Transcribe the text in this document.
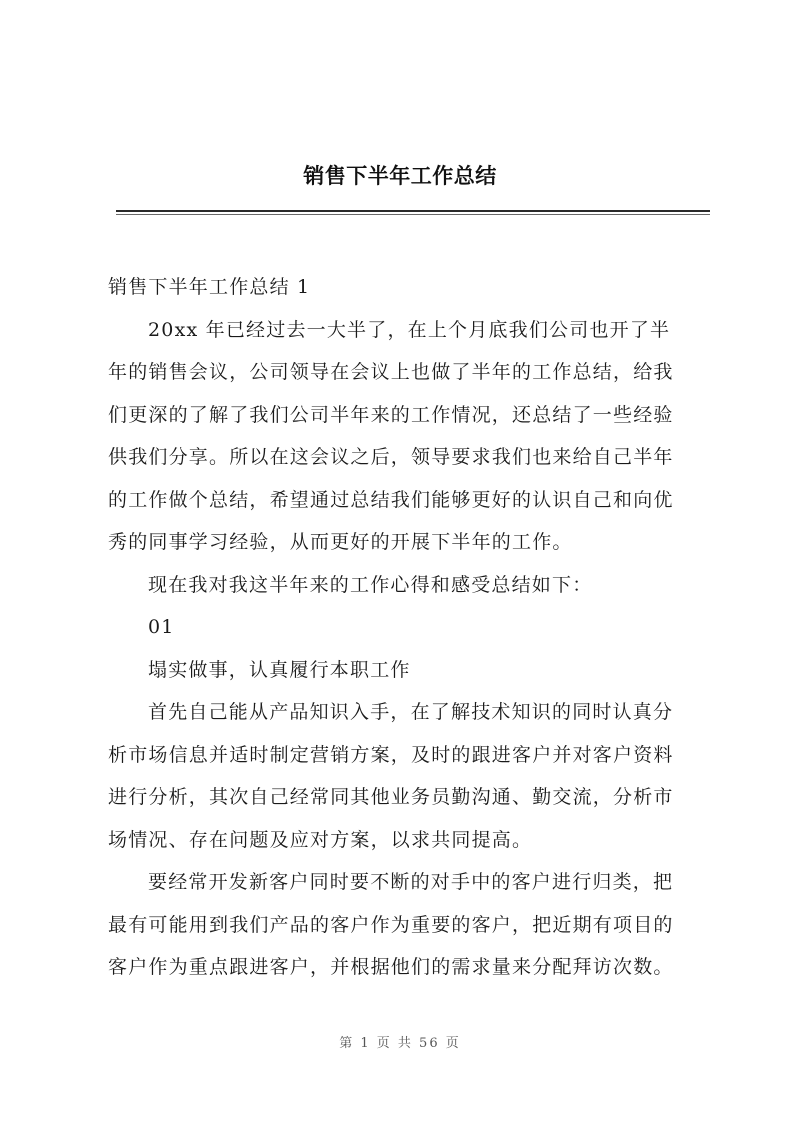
销售下半年工作总结
销售下半年工作总结 1
20xx 年已经过去一大半了，在上个月底我们公司也开了半
年的销售会议，公司领导在会议上也做了半年的工作总结，给我
们更深的了解了我们公司半年来的工作情况，还总结了一些经验
供我们分享。所以在这会议之后，领导要求我们也来给自己半年
的工作做个总结，希望通过总结我们能够更好的认识自己和向优
秀的同事学习经验，从而更好的开展下半年的工作。
现在我对我这半年来的工作心得和感受总结如下：
01
塌实做事，认真履行本职工作
首先自己能从产品知识入手，在了解技术知识的同时认真分
析市场信息并适时制定营销方案，及时的跟进客户并对客户资料
进行分析，其次自己经常同其他业务员勤沟通、勤交流，分析市
场情况、存在问题及应对方案，以求共同提高。
要经常开发新客户同时要不断的对手中的客户进行归类，把
最有可能用到我们产品的客户作为重要的客户，把近期有项目的
客户作为重点跟进客户，并根据他们的需求量来分配拜访次数。
第 1 页 共 56 页
